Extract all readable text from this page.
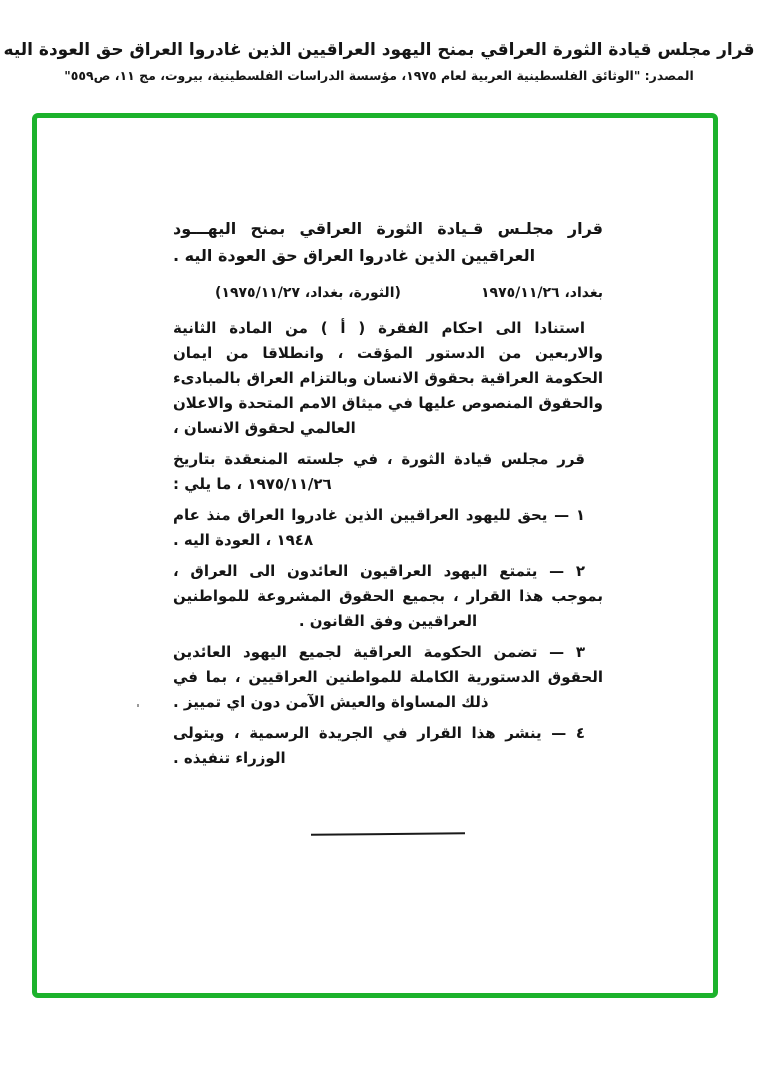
قرار مجلس قيادة الثورة العراقي بمنح اليهود العراقيين الذين غادروا العراق حق العودة اليه
المصدر: "الوثائق الفلسطينية العربية لعام ١٩٧٥، مؤسسة الدراسات الفلسطينية، بيروت، مج ١١، ص٥٥٩"

قرار مجلـس قـيادة الثورة العراقي بمنح اليهـــود العراقيين الذين غادروا العراق حق العودة اليه .

بغداد، ١٩٧٥/١١/٢٦
(الثورة، بغداد، ١٩٧٥/١١/٢٧)

استنادا الى احكام الفقرة ( أ ) من المادة الثانية والاربعين من الدستور المؤقت ، وانطلاقا من ايمان الحكومة العراقية بحقوق الانسان وبالتزام العراق بالمبادىء والحقوق المنصوص عليها في ميثاق الامم المتحدة والاعلان العالمي لحقوق الانسان ،

قرر مجلس قيادة الثورة ، في جلسته المنعقدة بتاريخ ١٩٧٥/١١/٢٦ ، ما يلي :

١ — يحق لليهود العراقيين الذين غادروا العراق منذ عام ١٩٤٨ ، العودة اليه .

٢ — يتمتع اليهود العراقيون العائدون الى العراق ، بموجب هذا القرار ، بجميع الحقوق المشروعة للمواطنين العراقيين وفق القانون .

٣ — تضمن الحكومة العراقية لجميع اليهود العائدين الحقوق الدستورية الكاملة للمواطنين العراقيين ، بما في ذلك المساواة والعيش الآمن دون اي تمييز .

٤ — ينشر هذا القرار في الجريدة الرسمية ، ويتولى الوزراء تنفيذه .
